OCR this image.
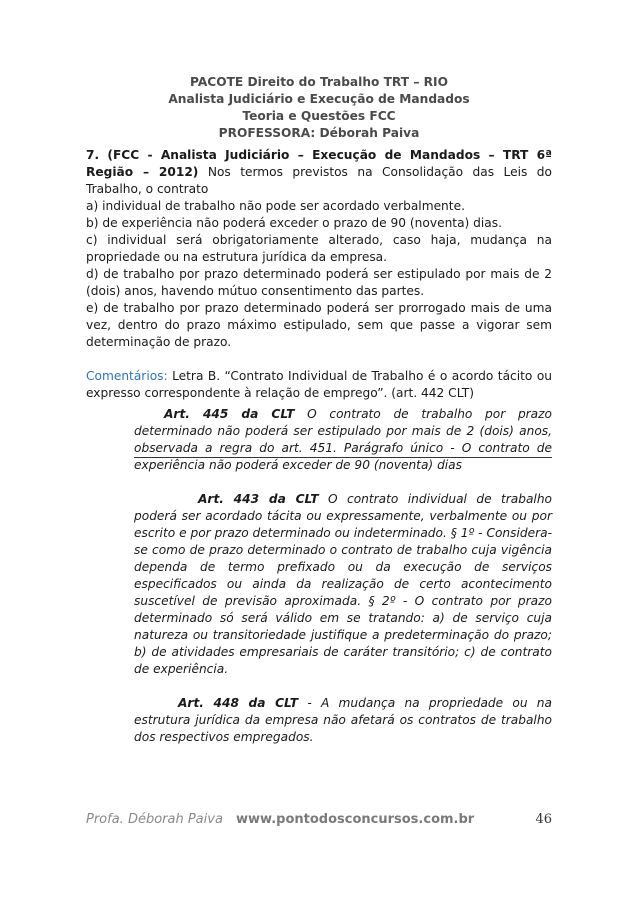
PACOTE Direito do Trabalho TRT – RIO
Analista Judiciário e Execução de Mandados
Teoria e Questões FCC
PROFESSORA: Déborah Paiva

7. (FCC - Analista Judiciário – Execução de Mandados – TRT 6ª Região – 2012) Nos termos previstos na Consolidação das Leis do Trabalho, o contrato

a) individual de trabalho não pode ser acordado verbalmente.

b) de experiência não poderá exceder o prazo de 90 (noventa) dias.

c) individual será obrigatoriamente alterado, caso haja, mudança na propriedade ou na estrutura jurídica da empresa.

d) de trabalho por prazo determinado poderá ser estipulado por mais de 2 (dois) anos, havendo mútuo consentimento das partes.

e) de trabalho por prazo determinado poderá ser prorrogado mais de uma vez, dentro do prazo máximo estipulado, sem que passe a vigorar sem determinação de prazo.

Comentários: Letra B. “Contrato Individual de Trabalho é o acordo tácito ou expresso correspondente à relação de emprego”. (art. 442 CLT)

Art. 445 da CLT O contrato de trabalho por prazo determinado não poderá ser estipulado por mais de 2 (dois) anos, observada a regra do art. 451. Parágrafo único - O contrato de experiência não poderá exceder de 90 (noventa) dias

Art. 443 da CLT O contrato individual de trabalho poderá ser acordado tácita ou expressamente, verbalmente ou por escrito e por prazo determinado ou indeterminado. § 1º - Considera-se como de prazo determinado o contrato de trabalho cuja vigência dependa de termo prefixado ou da execução de serviços especificados ou ainda da realização de certo acontecimento suscetível de previsão aproximada. § 2º - O contrato por prazo determinado só será válido em se tratando: a) de serviço cuja natureza ou transitoriedade justifique a predeterminação do prazo; b) de atividades empresariais de caráter transitório; c) de contrato de experiência.

Art. 448 da CLT - A mudança na propriedade ou na estrutura jurídica da empresa não afetará os contratos de trabalho dos respectivos empregados.

Profa. Déborah Paiva www.pontodosconcursos.com.br	46
